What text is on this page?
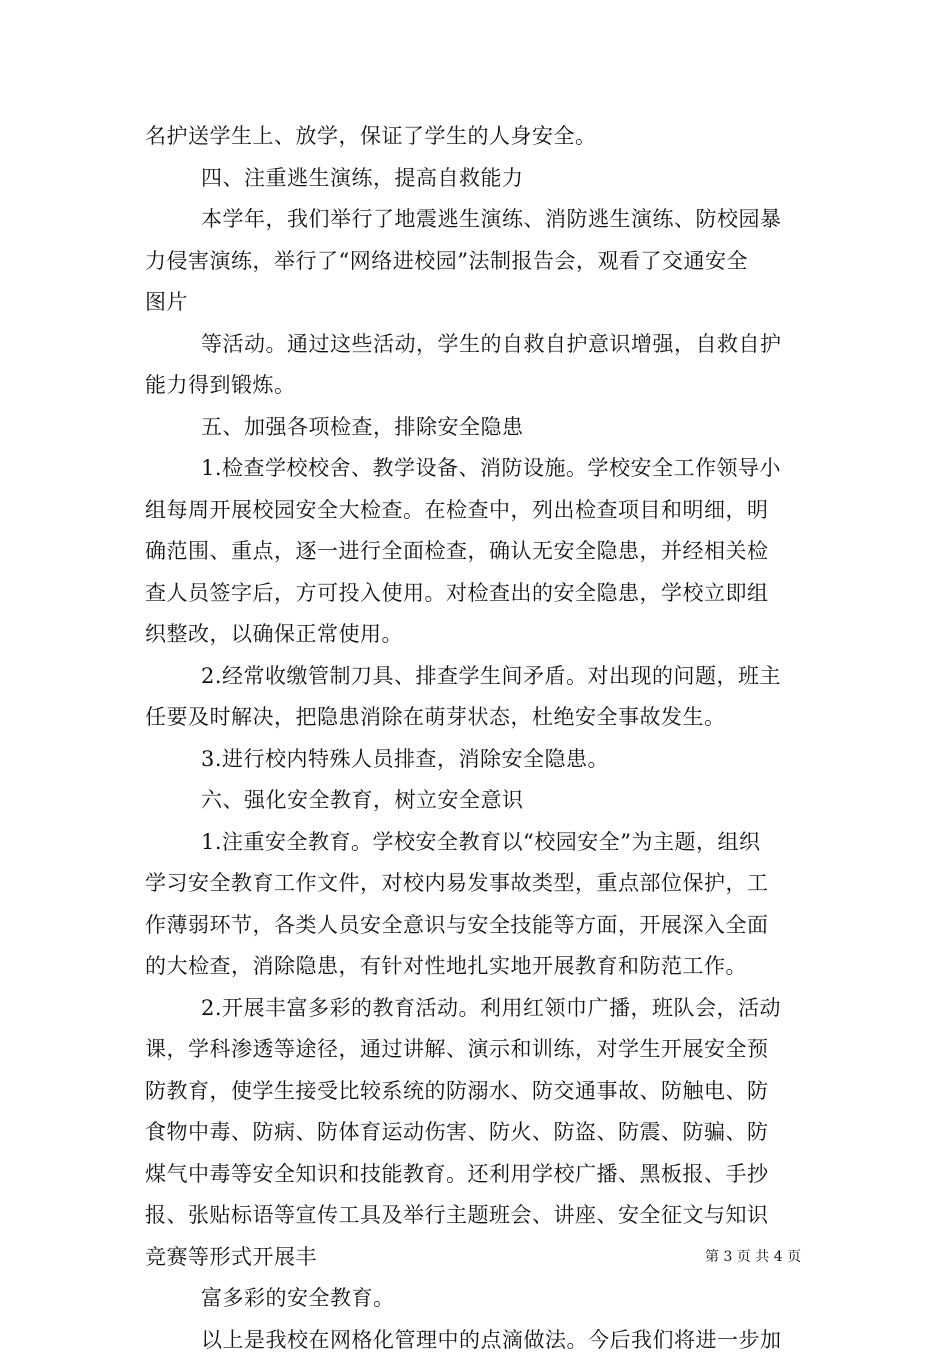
名护送学生上、放学，保证了学生的人身安全。
四、注重逃生演练，提高自救能力
本学年，我们举行了地震逃生演练、消防逃生演练、防校园暴
力侵害演练，举行了“网络进校园”法制报告会，观看了交通安全
图片
等活动。通过这些活动，学生的自救自护意识增强，自救自护
能力得到锻炼。
五、加强各项检查，排除安全隐患
1.检查学校校舍、教学设备、消防设施。学校安全工作领导小
组每周开展校园安全大检查。在检查中，列出检查项目和明细，明
确范围、重点，逐一进行全面检查，确认无安全隐患，并经相关检
查人员签字后，方可投入使用。对检查出的安全隐患，学校立即组
织整改，以确保正常使用。
2.经常收缴管制刀具、排查学生间矛盾。对出现的问题，班主
任要及时解决，把隐患消除在萌芽状态，杜绝安全事故发生。
3.进行校内特殊人员排查，消除安全隐患。
六、强化安全教育，树立安全意识
1.注重安全教育。学校安全教育以“校园安全”为主题，组织
学习安全教育工作文件，对校内易发事故类型，重点部位保护，工
作薄弱环节，各类人员安全意识与安全技能等方面，开展深入全面
的大检查，消除隐患，有针对性地扎实地开展教育和防范工作。
2.开展丰富多彩的教育活动。利用红领巾广播，班队会，活动
课，学科渗透等途径，通过讲解、演示和训练，对学生开展安全预
防教育，使学生接受比较系统的防溺水、防交通事故、防触电、防
食物中毒、防病、防体育运动伤害、防火、防盗、防震、防骗、防
煤气中毒等安全知识和技能教育。还利用学校广播、黑板报、手抄
报、张贴标语等宣传工具及举行主题班会、讲座、安全征文与知识
竞赛等形式开展丰
富多彩的安全教育。
以上是我校在网格化管理中的点滴做法。今后我们将进一步加
第 3 页 共 4 页
